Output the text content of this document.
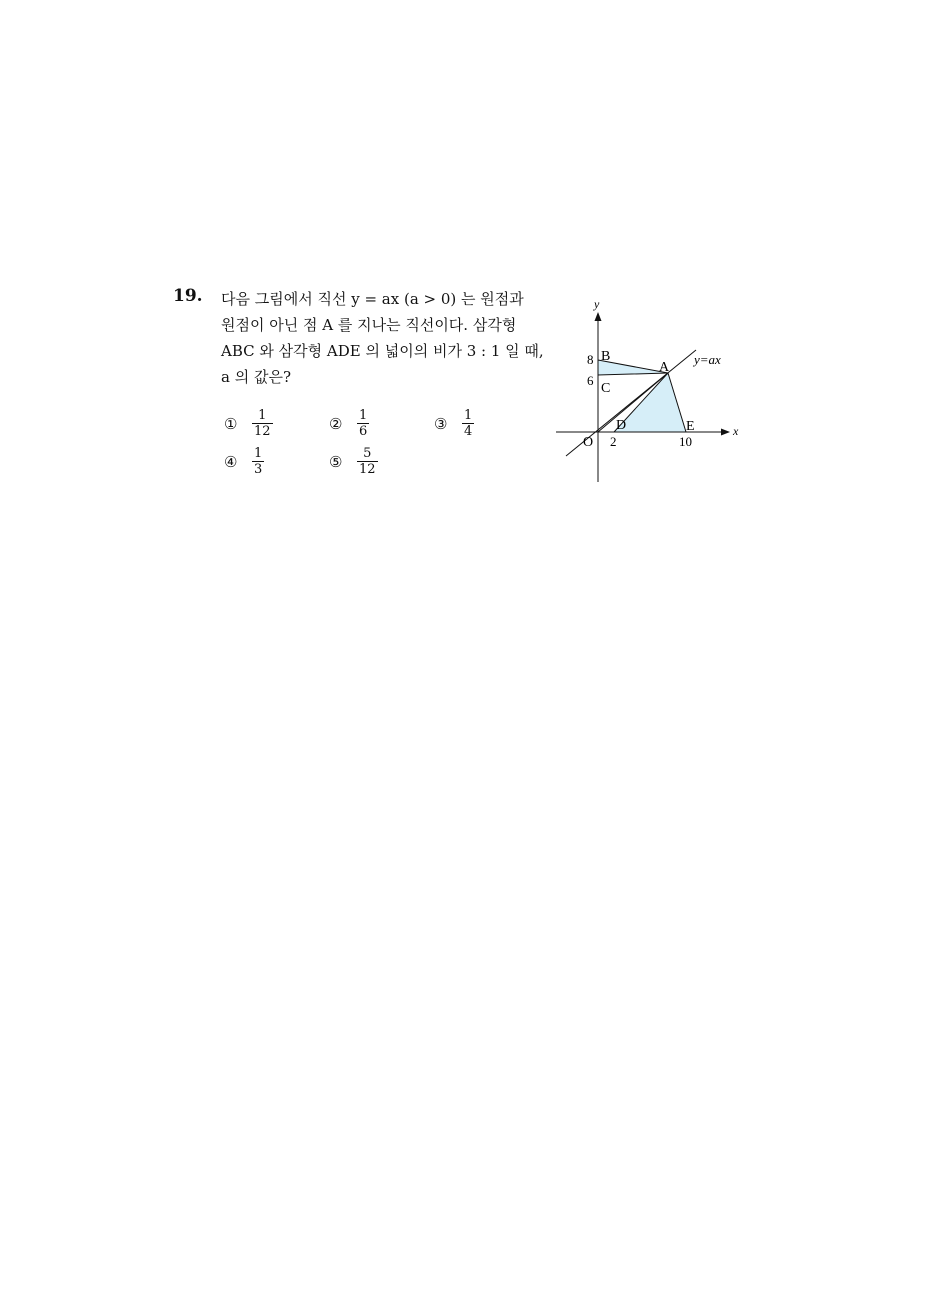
19. 다음 그림에서 직선 y = ax (a > 0) 는 원점과
원점이 아닌 점 A 를 지나는 직선이다. 삼각형
ABC 와 삼각형 ADE 의 넓이의 비가 3 : 1 일 때,
a 의 값은?
①	$\frac{1}{12}$	②	$\frac{1}{6}$	③	$\frac{1}{4}$
④	$\frac{1}{3}$	⑤	$\frac{5}{12}$
y
x
y=ax
O
A
B
C
D	E
8
6
2	10
